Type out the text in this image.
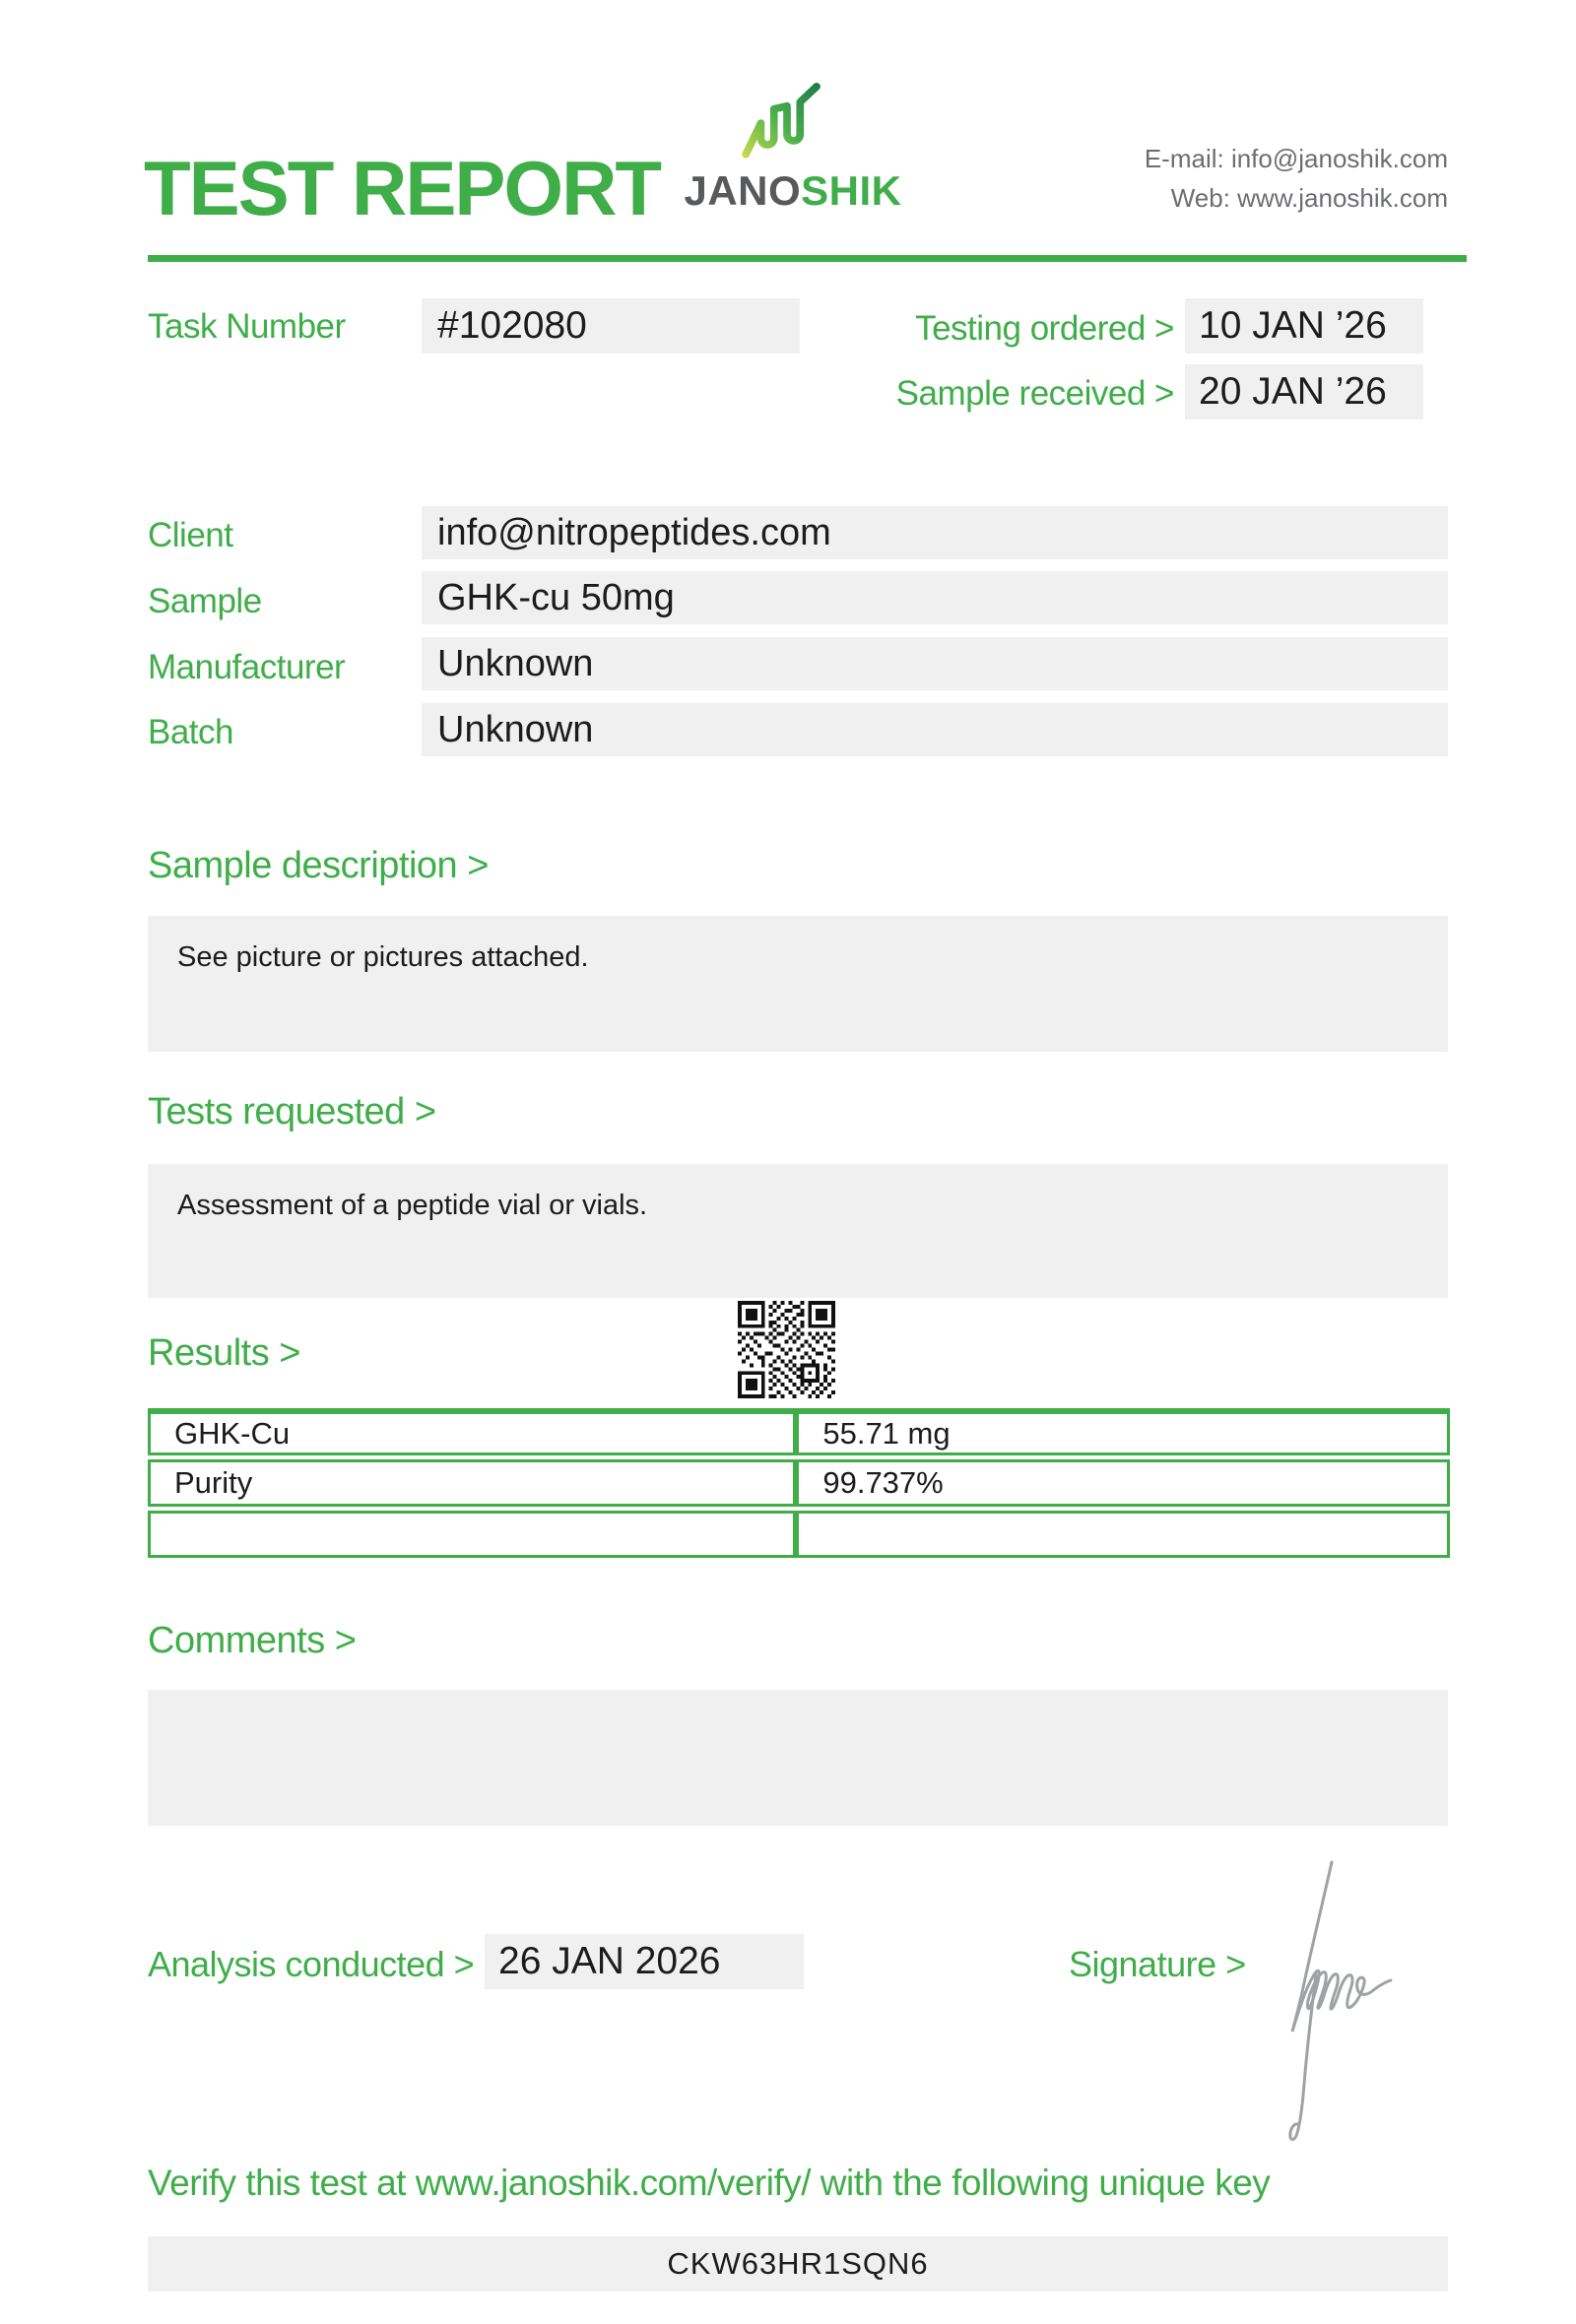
TEST REPORT JANOSHIK
E-mail: info@janoshik.com
Web: www.janoshik.com
Task Number	#102080	Testing ordered > 10 JAN ’26
Sample received > 20 JAN ’26
Client	info@nitropeptides.com
Sample	GHK-cu 50mg
Manufacturer	Unknown
Batch	Unknown
Sample description >
See picture or pictures attached.
Tests requested >
Assessment of a peptide vial or vials.
Results >
GHK-Cu	55.71 mg
Purity	99.737%

Comments >
Analysis conducted > 26 JAN 2026	Signature >
Verify this test at www.janoshik.com/verify/ with the following unique key
CKW63HR1SQN6
